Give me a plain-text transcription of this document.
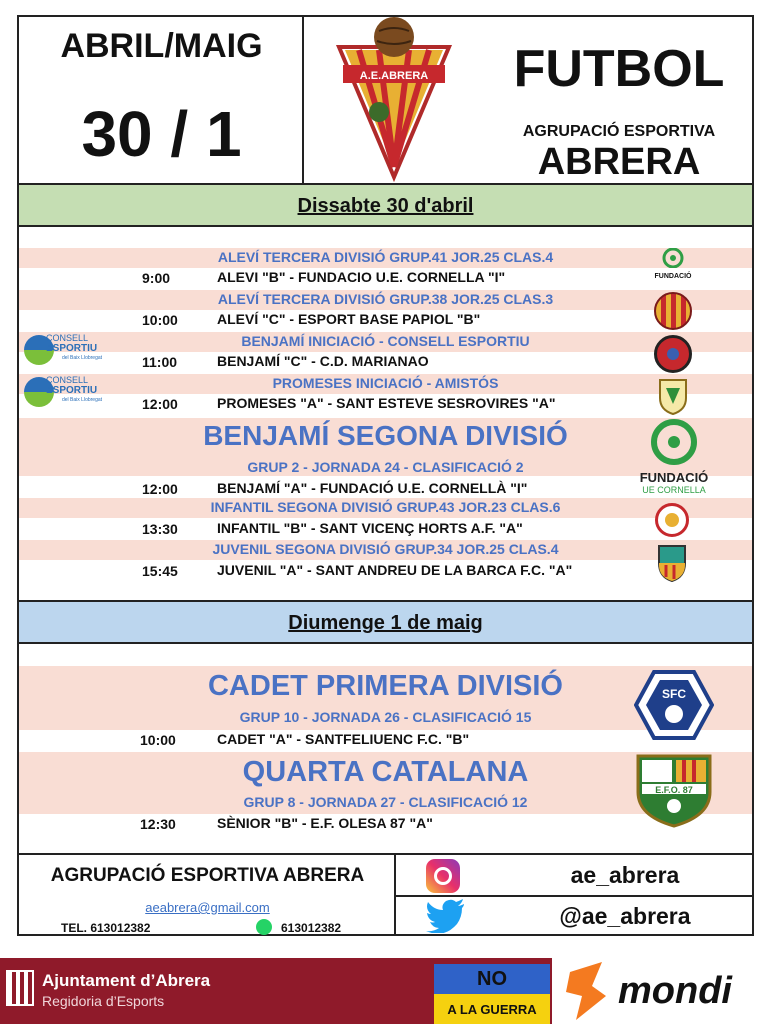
ABRIL/MAIG
30 / 1
A.E.ABRERA	FUTBOL
AGRUPACIÓ ESPORTIVA
ABRERA
Dissabte 30 d'abril
ALEVÍ TERCERA DIVISIÓ GRUP.41 JOR.25 CLAS.4
9:00	ALEVI "B" - FUNDACIO U.E. CORNELLA "I"	FUNDACIÓ
ALEVÍ TERCERA DIVISIÓ GRUP.38 JOR.25 CLAS.3
10:00	ALEVÍ "C" - ESPORT BASE PAPIOL "B"
BENJAMÍ INICIACIÓ - CONSELL ESPORTIU
11:00	BENJAMÍ "C" - C.D. MARIANAO
CONSELL
ESPORTIU
del Baix Llobregat
CONSELL
ESPORTIU
del Baix Llobregat
PROMESES INICIACIÓ - AMISTÓS
12:00	PROMESES "A" - SANT ESTEVE SESROVIRES "A"
BENJAMÍ SEGONA DIVISIÓ
GRUP 2 - JORNADA 24 - CLASIFICACIÓ 2
12:00	BENJAMÍ "A" - FUNDACIÓ U.E. CORNELLÀ "I"
FUNDACIÓ
UE CORNELLA
INFANTIL SEGONA DIVISIÓ GRUP.43 JOR.23 CLAS.6
13:30	INFANTIL "B" - SANT VICENÇ HORTS A.F. "A"
JUVENIL SEGONA DIVISIÓ GRUP.34 JOR.25 CLAS.4
15:45	JUVENIL "A" - SANT ANDREU DE LA BARCA F.C. "A"
Diumenge 1 de maig
CADET PRIMERA DIVISIÓ
GRUP 10 - JORNADA 26 - CLASIFICACIÓ 15
10:00	CADET "A" - SANTFELIUENC F.C. "B"
SFC
QUARTA CATALANA
GRUP 8 - JORNADA 27 - CLASIFICACIÓ 12
12:30	SÈNIOR "B" - E.F. OLESA 87 "A"
E.F.O. 87
AGRUPACIÓ ESPORTIVA ABRERA
aeabrera@gmail.com
TEL. 613012382	613012382
ae_abrera
@ae_abrera
Ajuntament d’Abrera
Regidoria d’Esports
NO
A LA GUERRA	mondi
